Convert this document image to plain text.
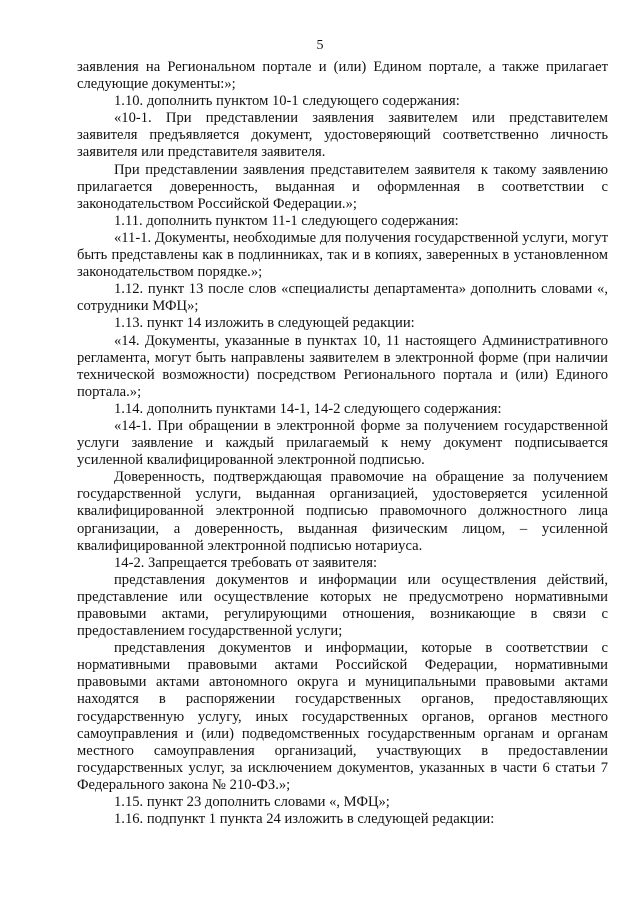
5

заявления на Региональном портале и (или) Едином портале, а также прилагает следующие документы:»;

1.10. дополнить пунктом 10-1 следующего содержания:

«10-1. При представлении заявления заявителем или представителем заявителя предъявляется документ, удостоверяющий соответственно личность заявителя или представителя заявителя.

При представлении заявления представителем заявителя к такому заявлению прилагается доверенность, выданная и оформленная в соответствии с законодательством Российской Федерации.»;

1.11. дополнить пунктом 11-1 следующего содержания:

«11-1. Документы, необходимые для получения государственной услуги, могут быть представлены как в подлинниках, так и в копиях, заверенных в установленном законодательством порядке.»;

1.12. пункт 13 после слов «специалисты департамента» дополнить словами «, сотрудники МФЦ»;

1.13. пункт 14 изложить в следующей редакции:

«14. Документы, указанные в пунктах 10, 11 настоящего Административного регламента, могут быть направлены заявителем в электронной форме (при наличии технической возможности) посредством Регионального портала и (или) Единого портала.»;

1.14. дополнить пунктами 14-1, 14-2 следующего содержания:

«14-1. При обращении в электронной форме за получением государственной услуги заявление и каждый прилагаемый к нему документ подписывается усиленной квалифицированной электронной подписью.

Доверенность, подтверждающая правомочие на обращение за получением государственной услуги, выданная организацией, удостоверяется усиленной квалифицированной электронной подписью правомочного должностного лица организации, а доверенность, выданная физическим лицом, – усиленной квалифицированной электронной подписью нотариуса.

14-2. Запрещается требовать от заявителя:

представления документов и информации или осуществления действий, представление или осуществление которых не предусмотрено нормативными правовыми актами, регулирующими отношения, возникающие в связи с предоставлением государственной услуги;

представления документов и информации, которые в соответствии с нормативными правовыми актами Российской Федерации, нормативными правовыми актами автономного округа и муниципальными правовыми актами находятся в распоряжении государственных органов, предоставляющих государственную услугу, иных государственных органов, органов местного самоуправления и (или) подведомственных государственным органам и органам местного самоуправления организаций, участвующих в предоставлении государственных услуг, за исключением документов, указанных в части 6 статьи 7 Федерального закона № 210-ФЗ.»;

1.15. пункт 23 дополнить словами «, МФЦ»;

1.16. подпункт 1 пункта 24 изложить в следующей редакции:
